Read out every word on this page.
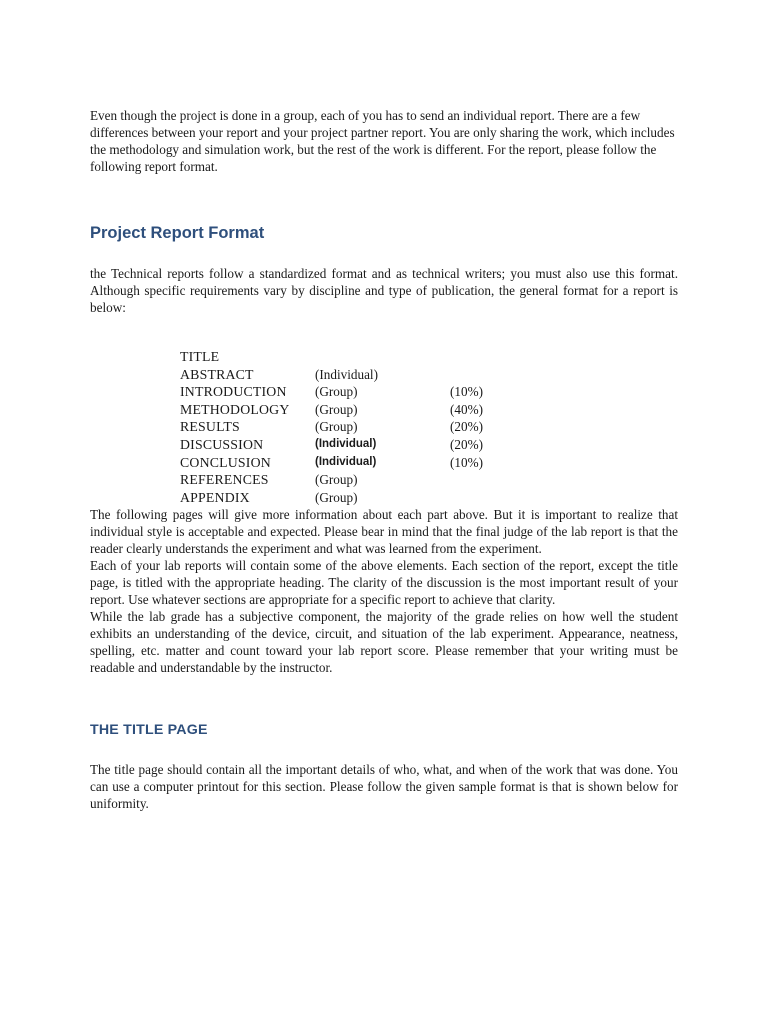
Even though the project is done in a group, each of you has to send an individual report. There are a few differences between your report and your project partner report. You are only sharing the work, which includes the methodology and simulation work, but the rest of the work is different. For the report, please follow the following report format.

Project Report Format

the Technical reports follow a standardized format and as technical writers; you must also use this format. Although specific requirements vary by discipline and type of publication, the general format for a report is below:

TITLE		
ABSTRACT	(Individual)	
INTRODUCTION	(Group)	(10%)
METHODOLOGY	(Group)	(40%)
RESULTS	(Group)	(20%)
DISCUSSION	(Individual)	(20%)
CONCLUSION	(Individual)	(10%)
REFERENCES	(Group)	
APPENDIX	(Group)	

The following pages will give more information about each part above. But it is important to realize that individual style is acceptable and expected. Please bear in mind that the final judge of the lab report is that the reader clearly understands the experiment and what was learned from the experiment.

Each of your lab reports will contain some of the above elements. Each section of the report, except the title page, is titled with the appropriate heading. The clarity of the discussion is the most important result of your report. Use whatever sections are appropriate for a specific report to achieve that clarity.

While the lab grade has a subjective component, the majority of the grade relies on how well the student exhibits an understanding of the device, circuit, and situation of the lab experiment. Appearance, neatness, spelling, etc. matter and count toward your lab report score. Please remember that your writing must be readable and understandable by the instructor.

THE TITLE PAGE

The title page should contain all the important details of who, what, and when of the work that was done. You can use a computer printout for this section. Please follow the given sample format is that is shown below for uniformity.
